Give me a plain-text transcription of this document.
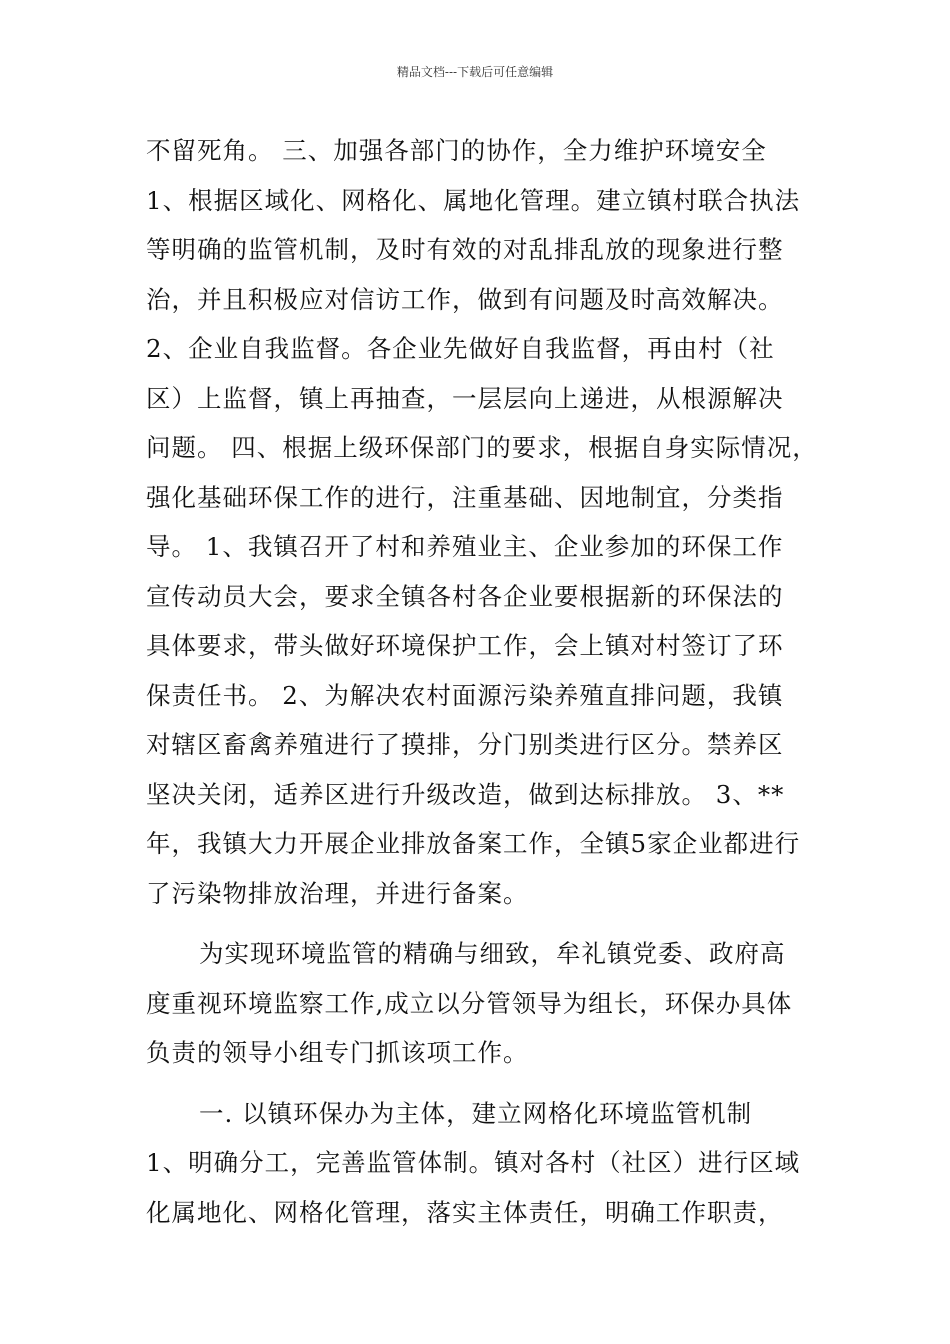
精品文档---下载后可任意编辑
不留死角。 三、加强各部门的协作，全力维护环境安全
1、根据区域化、网格化、属地化管理。建立镇村联合执法
等明确的监管机制，及时有效的对乱排乱放的现象进行整
治，并且积极应对信访工作，做到有问题及时高效解决。
2、企业自我监督。各企业先做好自我监督，再由村（社
区）上监督，镇上再抽查，一层层向上递进，从根源解决
问题。 四、根据上级环保部门的要求，根据自身实际情况，
强化基础环保工作的进行，注重基础、因地制宜，分类指
导。 1、我镇召开了村和养殖业主、企业参加的环保工作
宣传动员大会，要求全镇各村各企业要根据新的环保法的
具体要求，带头做好环境保护工作，会上镇对村签订了环
保责任书。 2、为解决农村面源污染养殖直排问题，我镇
对辖区畜禽养殖进行了摸排，分门别类进行区分。禁养区
坚决关闭，适养区进行升级改造，做到达标排放。 3、**
年，我镇大力开展企业排放备案工作，全镇5家企业都进行
了污染物排放治理，并进行备案。
为实现环境监管的精确与细致，牟礼镇党委、政府高
度重视环境监察工作,成立以分管领导为组长，环保办具体
负责的领导小组专门抓该项工作。
一. 以镇环保办为主体，建立网格化环境监管机制
1、明确分工，完善监管体制。镇对各村（社区）进行区域
化属地化、网格化管理，落实主体责任，明确工作职责，
